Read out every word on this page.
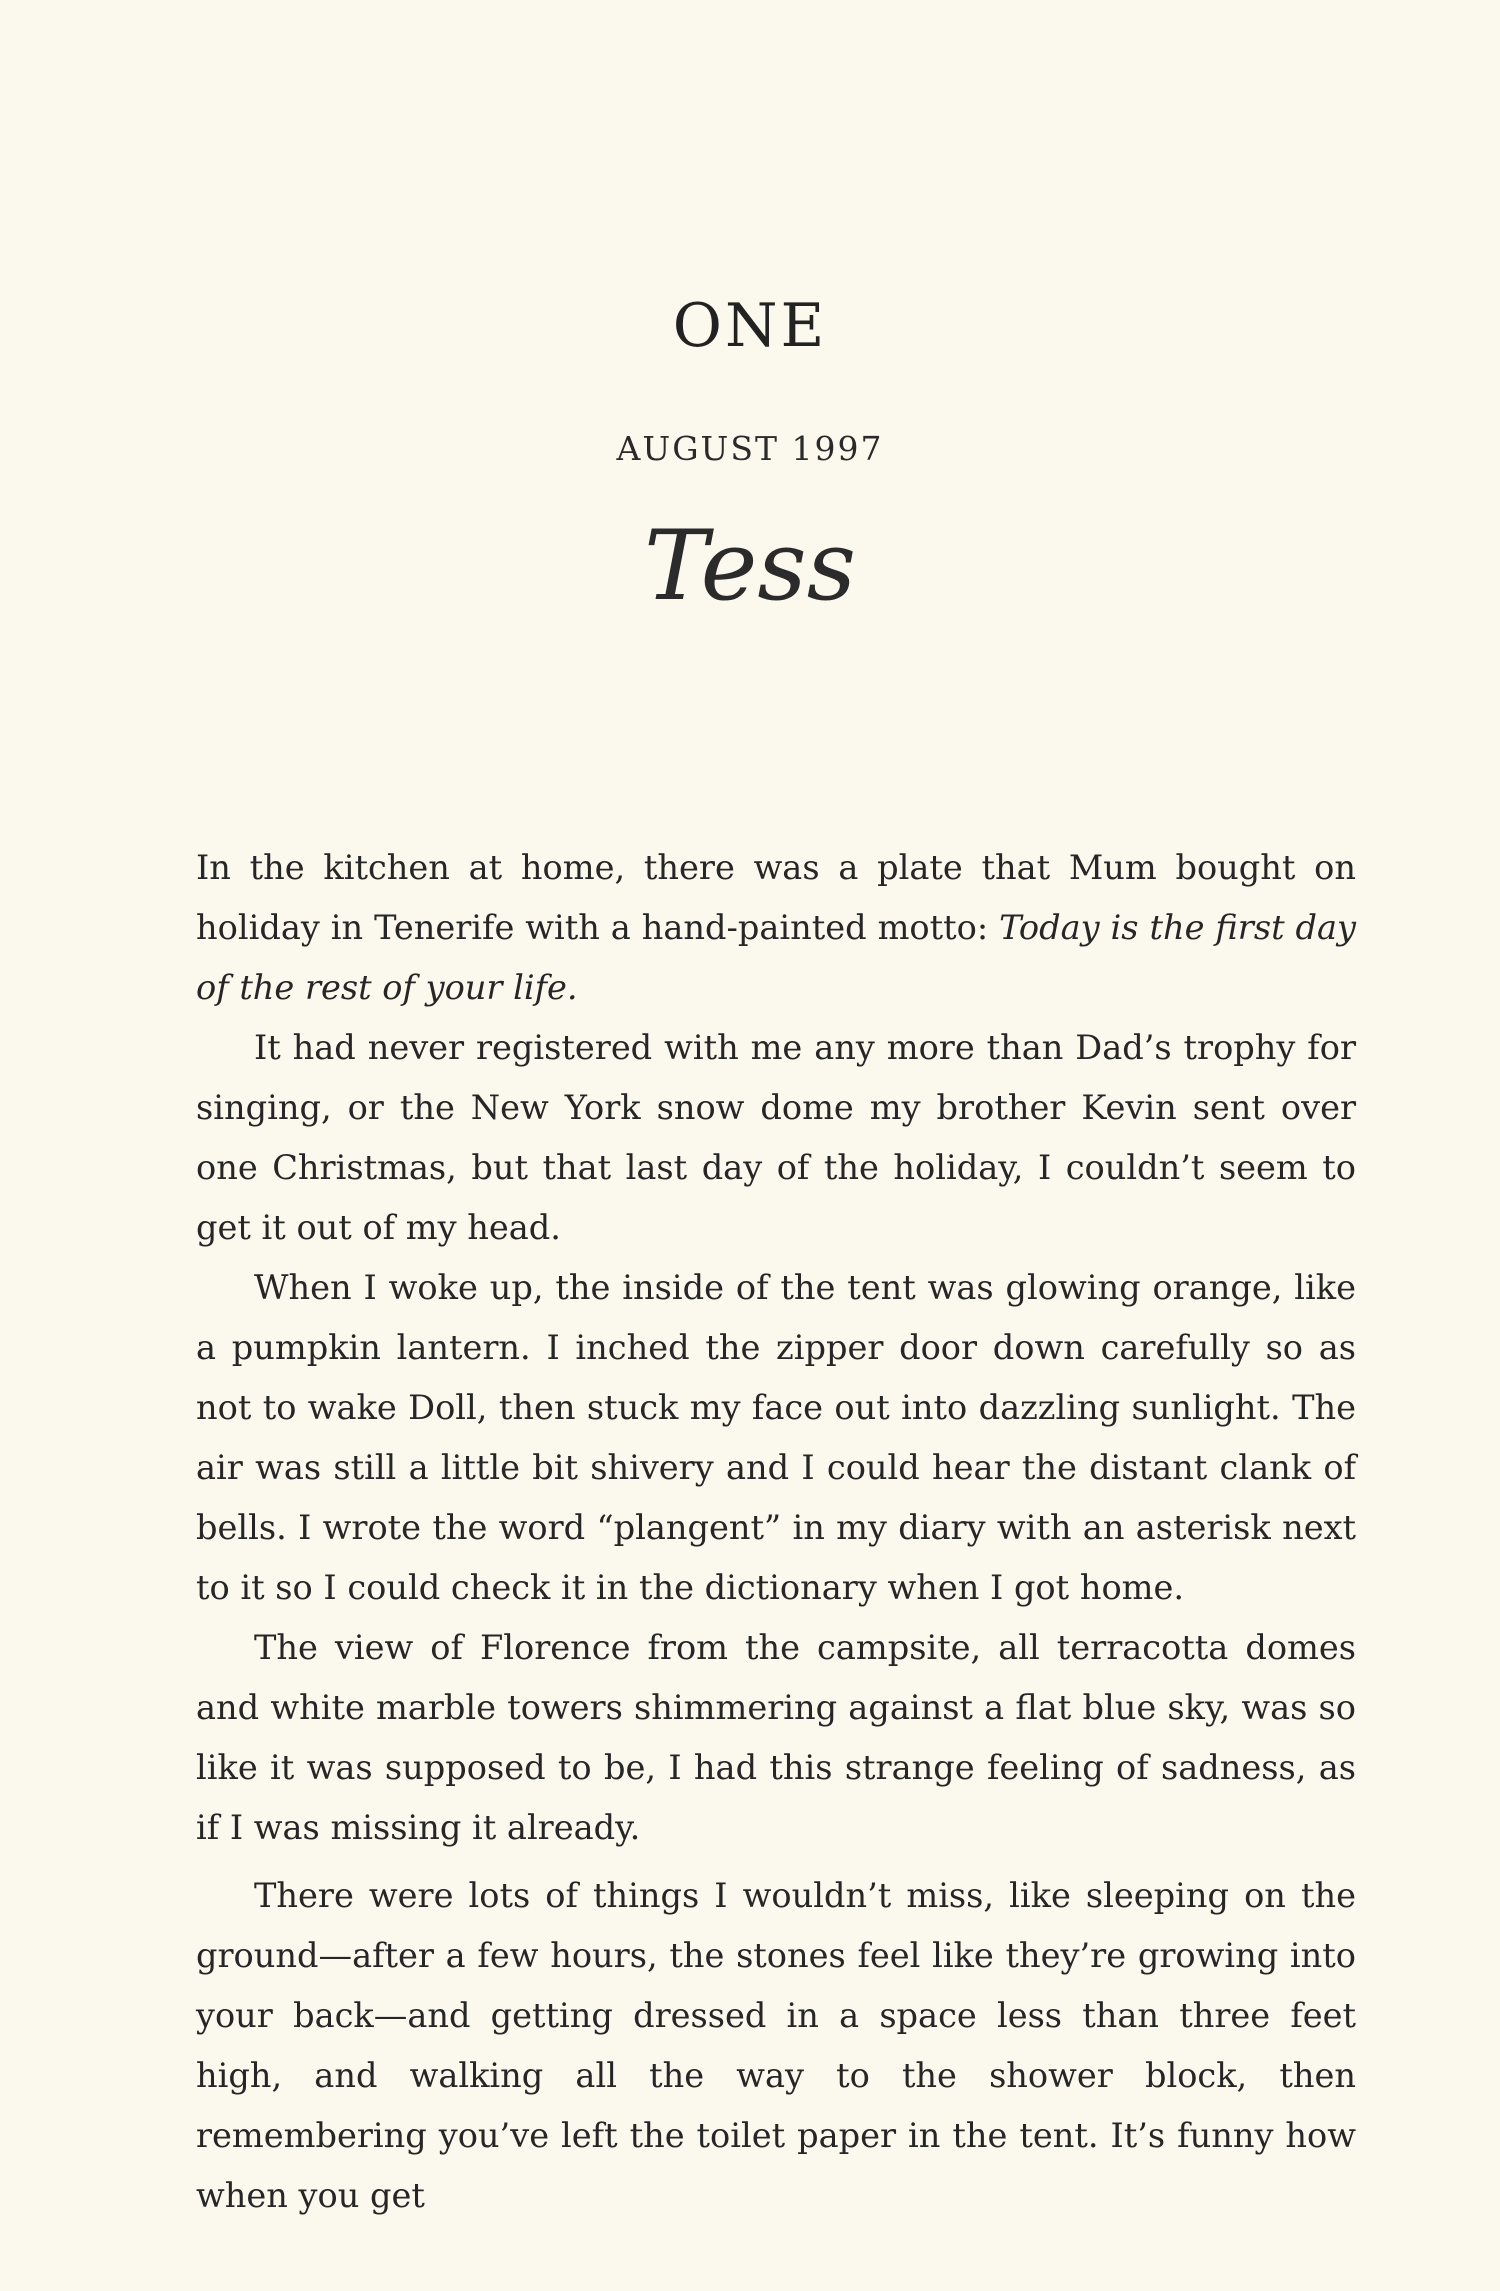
ONE
AUGUST 1997
Tess

In the kitchen at home, there was a plate that Mum bought on holiday in Tenerife with a hand-painted motto: Today is the first day of the rest of your life.

It had never registered with me any more than Dad’s trophy for singing, or the New York snow dome my brother Kevin sent over one Christmas, but that last day of the holiday, I couldn’t seem to get it out of my head.

When I woke up, the inside of the tent was glowing orange, like a pumpkin lantern. I inched the zipper door down carefully so as not to wake Doll, then stuck my face out into dazzling sunlight. The air was still a little bit shivery and I could hear the distant clank of bells. I wrote the word “plangent” in my diary with an asterisk next to it so I could check it in the dictionary when I got home.

The view of Florence from the campsite, all terracotta domes and white marble towers shimmering against a flat blue sky, was so like it was supposed to be, I had this strange feeling of sadness, as if I was missing it already.

There were lots of things I wouldn’t miss, like sleeping on the ground—after a few hours, the stones feel like they’re growing into your back—and getting dressed in a space less than three feet high, and walking all the way to the shower block, then remembering you’ve left the toilet paper in the tent. It’s funny how when you get
